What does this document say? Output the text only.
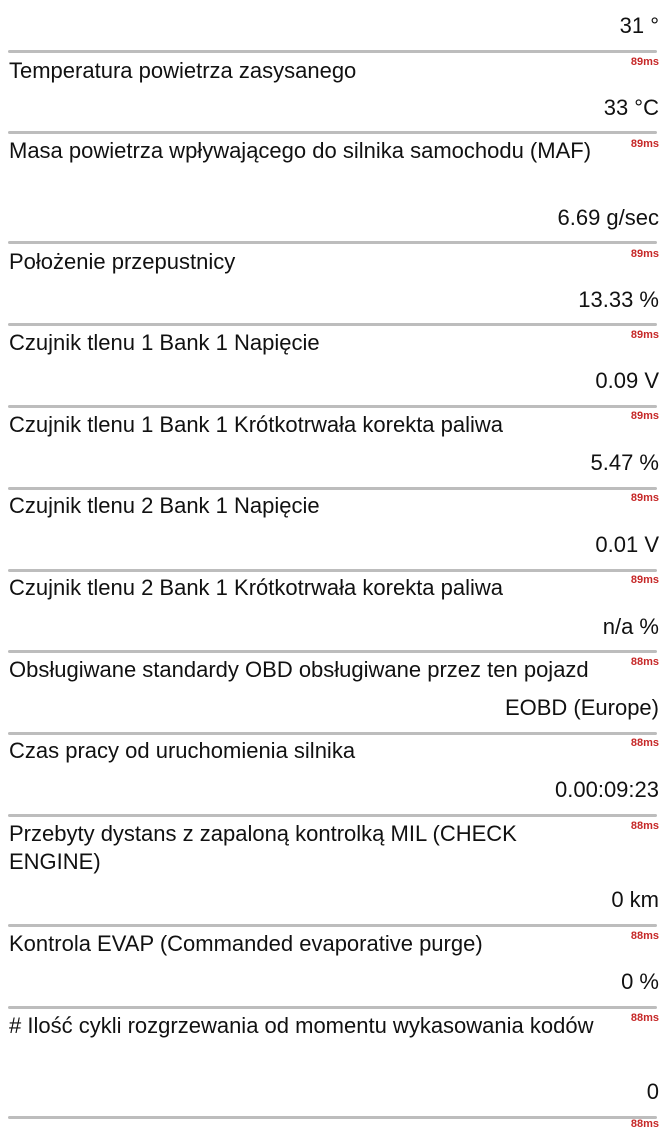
31 °
Temperatura powietrza zasysanego	89ms
33 °C
Masa powietrza wpływającego do silnika samochodu (MAF)	89ms
6.69 g/sec
Położenie przepustnicy	89ms
13.33 %
Czujnik tlenu 1 Bank 1 Napięcie	89ms
0.09 V
Czujnik tlenu 1 Bank 1 Krótkotrwała korekta paliwa	89ms
5.47 %
Czujnik tlenu 2 Bank 1 Napięcie	89ms
0.01 V
Czujnik tlenu 2 Bank 1 Krótkotrwała korekta paliwa	89ms
n/a %
Obsługiwane standardy OBD obsługiwane przez ten pojazd	88ms
EOBD (Europe)
Czas pracy od uruchomienia silnika	88ms
0.00:09:23
Przebyty dystans z zapaloną kontrolką MIL (CHECK ENGINE)
88ms
0 km
Kontrola EVAP (Commanded evaporative purge)	88ms
0 %
# Ilość cykli rozgrzewania od momentu wykasowania kodów	88ms
0
88ms
